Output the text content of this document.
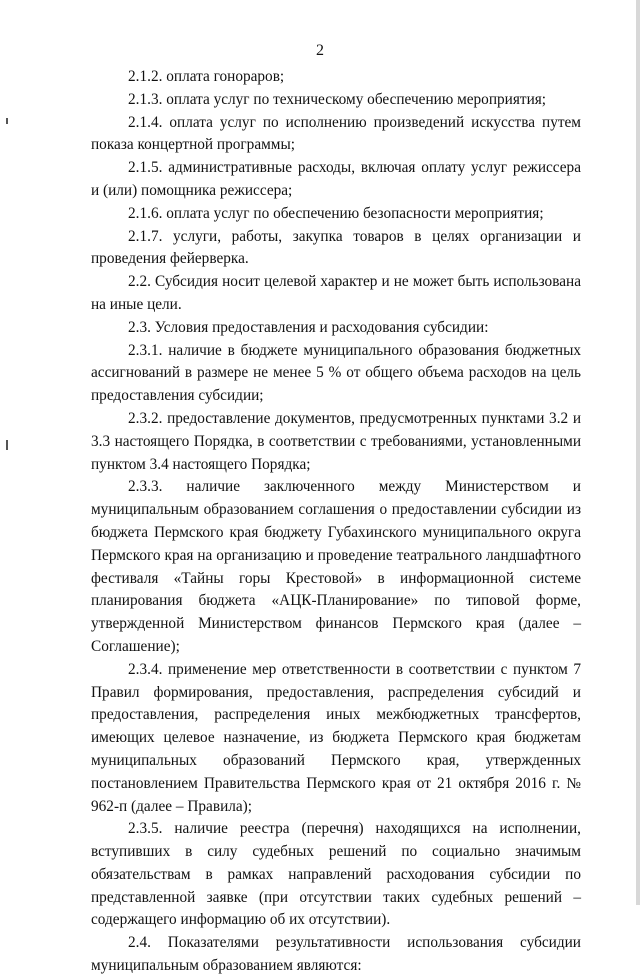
2

2.1.2. оплата гонораров;

2.1.3. оплата услуг по техническому обеспечению мероприятия;

2.1.4. оплата услуг по исполнению произведений искусства путем показа концертной программы;

2.1.5. административные расходы, включая оплату услуг режиссера и (или) помощника режиссера;

2.1.6. оплата услуг по обеспечению безопасности мероприятия;

2.1.7. услуги, работы, закупка товаров в целях организации и проведения фейерверка.

2.2. Субсидия носит целевой характер и не может быть использована на иные цели.

2.3. Условия предоставления и расходования субсидии:

2.3.1. наличие в бюджете муниципального образования бюджетных ассигнований в размере не менее 5 % от общего объема расходов на цель предоставления субсидии;

2.3.2. предоставление документов, предусмотренных пунктами 3.2 и 3.3 настоящего Порядка, в соответствии с требованиями, установленными пунктом 3.4 настоящего Порядка;

2.3.3. наличие заключенного между Министерством и муниципальным образованием соглашения о предоставлении субсидии из бюджета Пермского края бюджету Губахинского муниципального округа Пермского края на организацию и проведение театрального ландшафтного фестиваля «Тайны горы Крестовой» в информационной системе планирования бюджета «АЦК-Планирование» по типовой форме, утвержденной Министерством финансов Пермского края (далее – Соглашение);

2.3.4. применение мер ответственности в соответствии с пунктом 7 Правил формирования, предоставления, распределения субсидий и предоставления, распределения иных межбюджетных трансфертов, имеющих целевое назначение, из бюджета Пермского края бюджетам муниципальных образований Пермского края, утвержденных постановлением Правительства Пермского края от 21 октября 2016 г. № 962-п (далее – Правила);

2.3.5. наличие реестра (перечня) находящихся на исполнении, вступивших в силу судебных решений по социально значимым обязательствам в рамках направлений расходования субсидии по представленной заявке (при отсутствии таких судебных решений – содержащего информацию об их отсутствии).

2.4. Показателями результативности использования субсидии муниципальным образованием являются:
